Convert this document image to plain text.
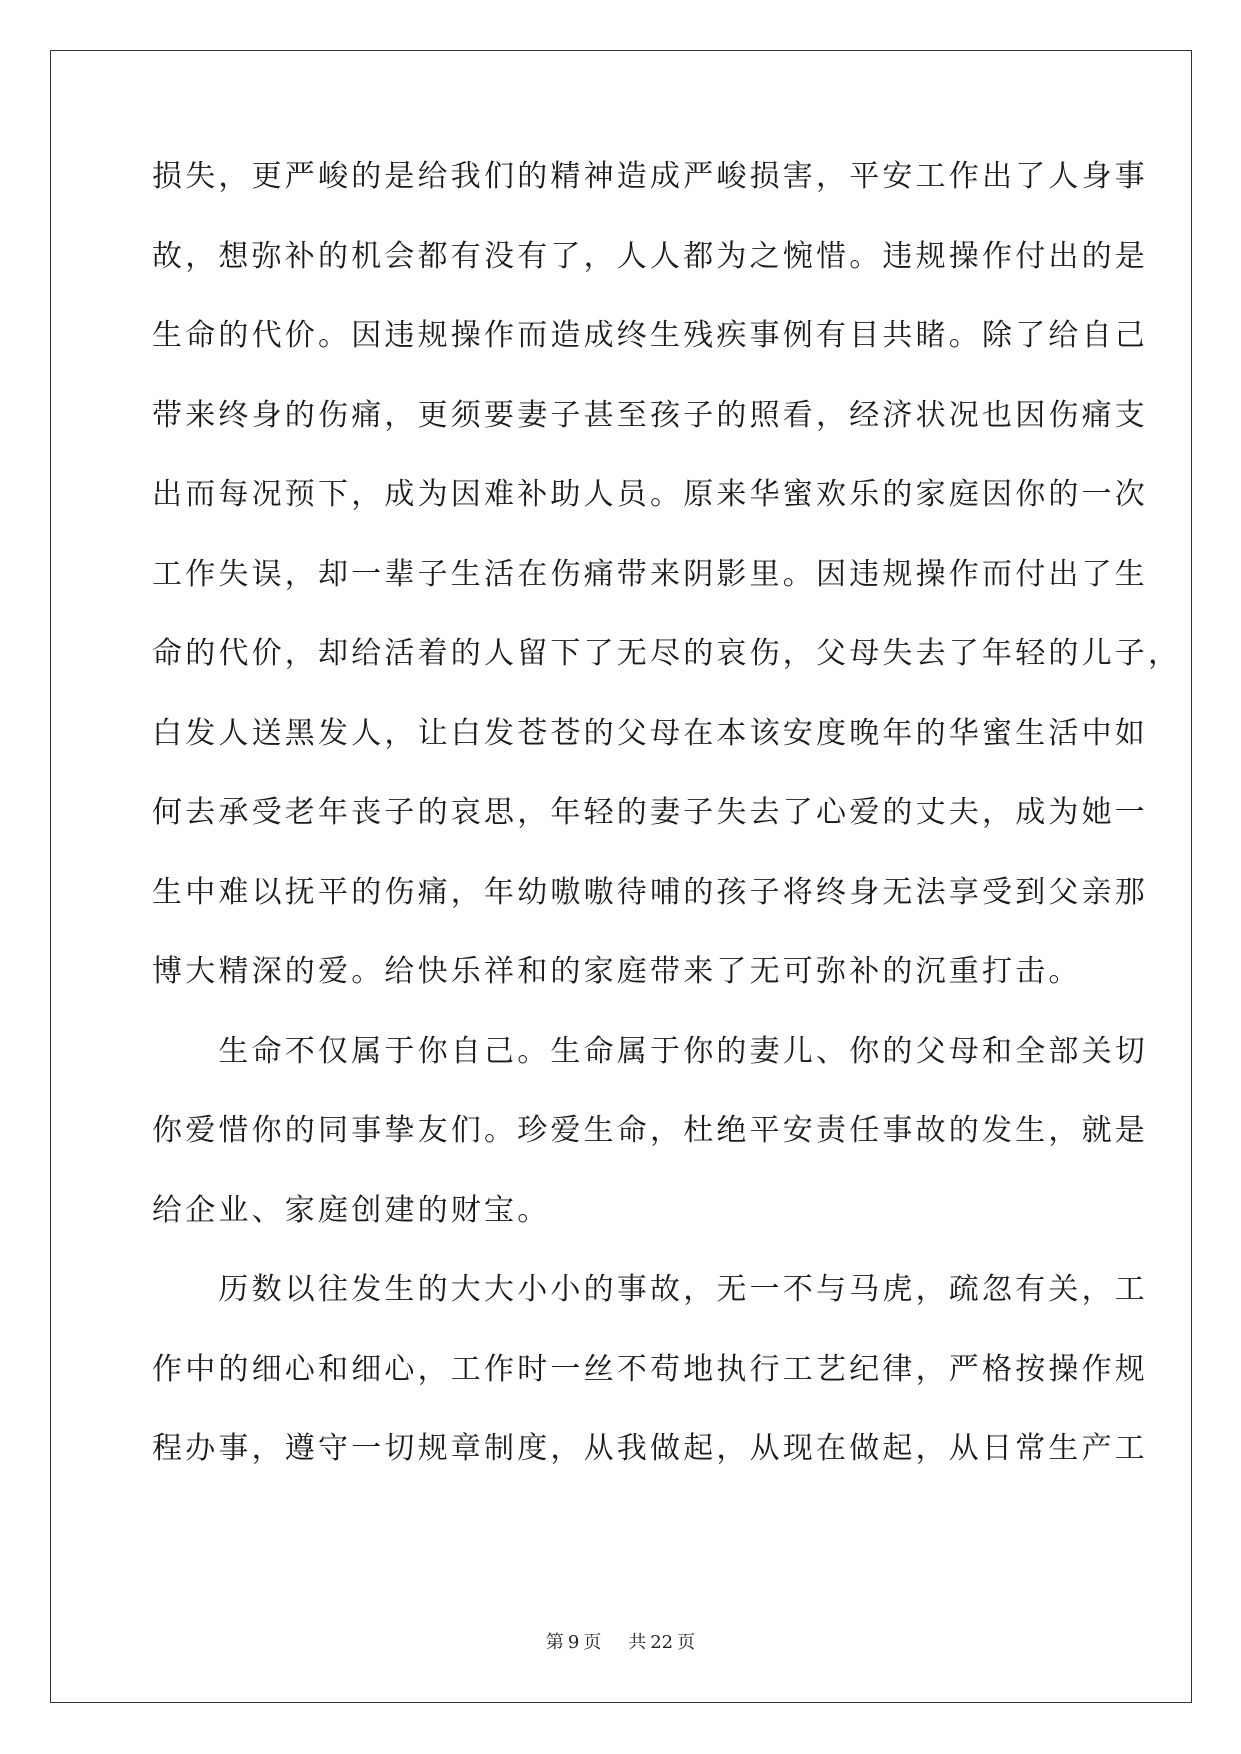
损失，更严峻的是给我们的精神造成严峻损害，平安工作出了人身事
故，想弥补的机会都有没有了，人人都为之惋惜。违规操作付出的是
生命的代价。因违规操作而造成终生残疾事例有目共睹。除了给自己
带来终身的伤痛，更须要妻子甚至孩子的照看，经济状况也因伤痛支
出而每况预下，成为因难补助人员。原来华蜜欢乐的家庭因你的一次
工作失误，却一辈子生活在伤痛带来阴影里。因违规操作而付出了生
命的代价，却给活着的人留下了无尽的哀伤，父母失去了年轻的儿子，
白发人送黑发人，让白发苍苍的父母在本该安度晚年的华蜜生活中如
何去承受老年丧子的哀思，年轻的妻子失去了心爱的丈夫，成为她一
生中难以抚平的伤痛，年幼嗷嗷待哺的孩子将终身无法享受到父亲那
博大精深的爱。给快乐祥和的家庭带来了无可弥补的沉重打击。
　　生命不仅属于你自己。生命属于你的妻儿、你的父母和全部关切
你爱惜你的同事挚友们。珍爱生命，杜绝平安责任事故的发生，就是
给企业、家庭创建的财宝。
　　历数以往发生的大大小小的事故，无一不与马虎，疏忽有关，工
作中的细心和细心，工作时一丝不苟地执行工艺纪律，严格按操作规
程办事，遵守一切规章制度，从我做起，从现在做起，从日常生产工
第 9 页 共 22 页
